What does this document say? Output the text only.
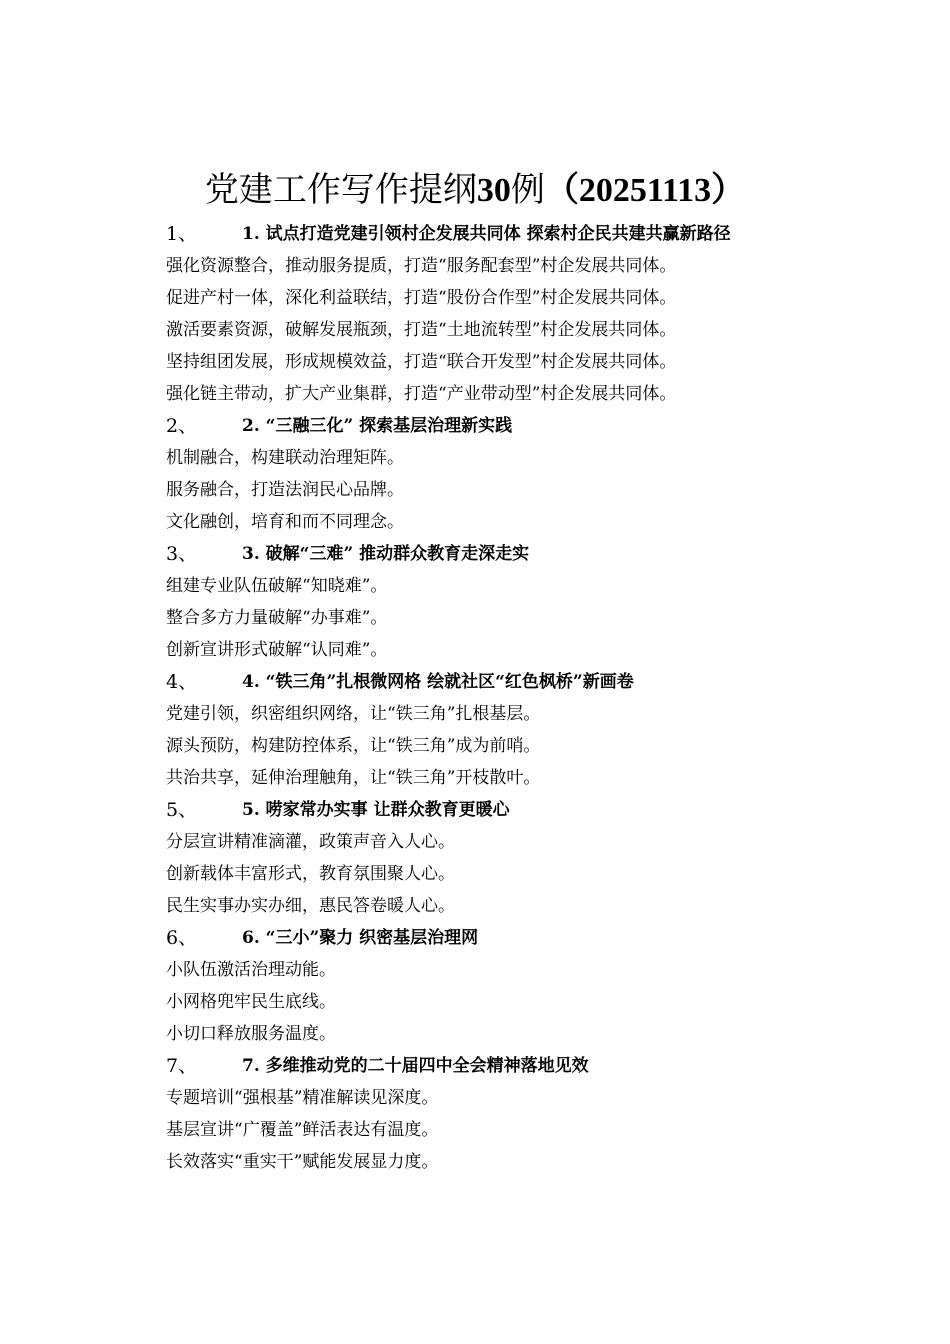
党建工作写作提纲30例（20251113）
1、	1. 试点打造党建引领村企发展共同体 探索村企民共建共赢新路径
强化资源整合，推动服务提质，打造“服务配套型”村企发展共同体。
促进产村一体，深化利益联结，打造“股份合作型”村企发展共同体。
激活要素资源，破解发展瓶颈，打造“土地流转型”村企发展共同体。
坚持组团发展，形成规模效益，打造“联合开发型”村企发展共同体。
强化链主带动，扩大产业集群，打造“产业带动型”村企发展共同体。
2、	2. “三融三化” 探索基层治理新实践
机制融合，构建联动治理矩阵。
服务融合，打造法润民心品牌。
文化融创，培育和而不同理念。
3、	3. 破解“三难” 推动群众教育走深走实
组建专业队伍破解“知晓难”。
整合多方力量破解“办事难”。
创新宣讲形式破解“认同难”。
4、	4. “铁三角”扎根微网格 绘就社区“红色枫桥”新画卷
党建引领，织密组织网络，让“铁三角”扎根基层。
源头预防，构建防控体系，让“铁三角”成为前哨。
共治共享，延伸治理触角，让“铁三角”开枝散叶。
5、	5. 唠家常办实事 让群众教育更暖心
分层宣讲精准滴灌，政策声音入人心。
创新载体丰富形式，教育氛围聚人心。
民生实事办实办细，惠民答卷暖人心。
6、	6. “三小”聚力 织密基层治理网
小队伍激活治理动能。
小网格兜牢民生底线。
小切口释放服务温度。
7、	7. 多维推动党的二十届四中全会精神落地见效
专题培训“强根基”精准解读见深度。
基层宣讲“广覆盖”鲜活表达有温度。
长效落实“重实干”赋能发展显力度。
